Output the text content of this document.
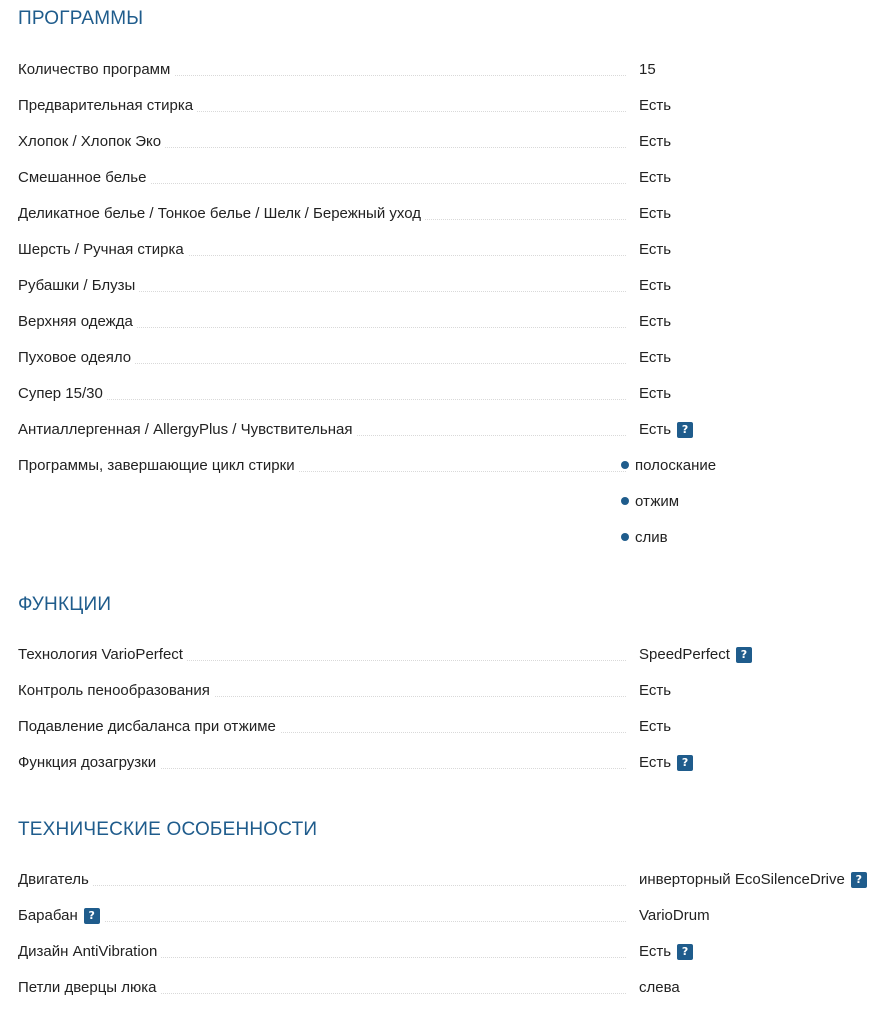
ПРОГРАММЫ
Количество программ	15
Предварительная стирка	Есть
Хлопок / Хлопок Эко	Есть
Смешанное белье	Есть
Деликатное белье / Тонкое белье / Шелк / Бережный уход	Есть
Шерсть / Ручная стирка	Есть
Рубашки / Блузы	Есть
Верхняя одежда	Есть
Пуховое одеяло	Есть
Супер 15/30	Есть
Антиаллергенная / AllergyPlus / Чувствительная	Есть ?
Программы, завершающие цикл стирки	полоскание
отжим
слив
ФУНКЦИИ
Технология VarioPerfect	SpeedPerfect ?
Контроль пенообразования	Есть
Подавление дисбаланса при отжиме	Есть
Функция дозагрузки	Есть ?
ТЕХНИЧЕСКИЕ ОСОБЕННОСТИ
Двигатель	инверторный EcoSilenceDrive ?
Барабан ?	VarioDrum
Дизайн AntiVibration	Есть ?
Петли дверцы люка	слева
